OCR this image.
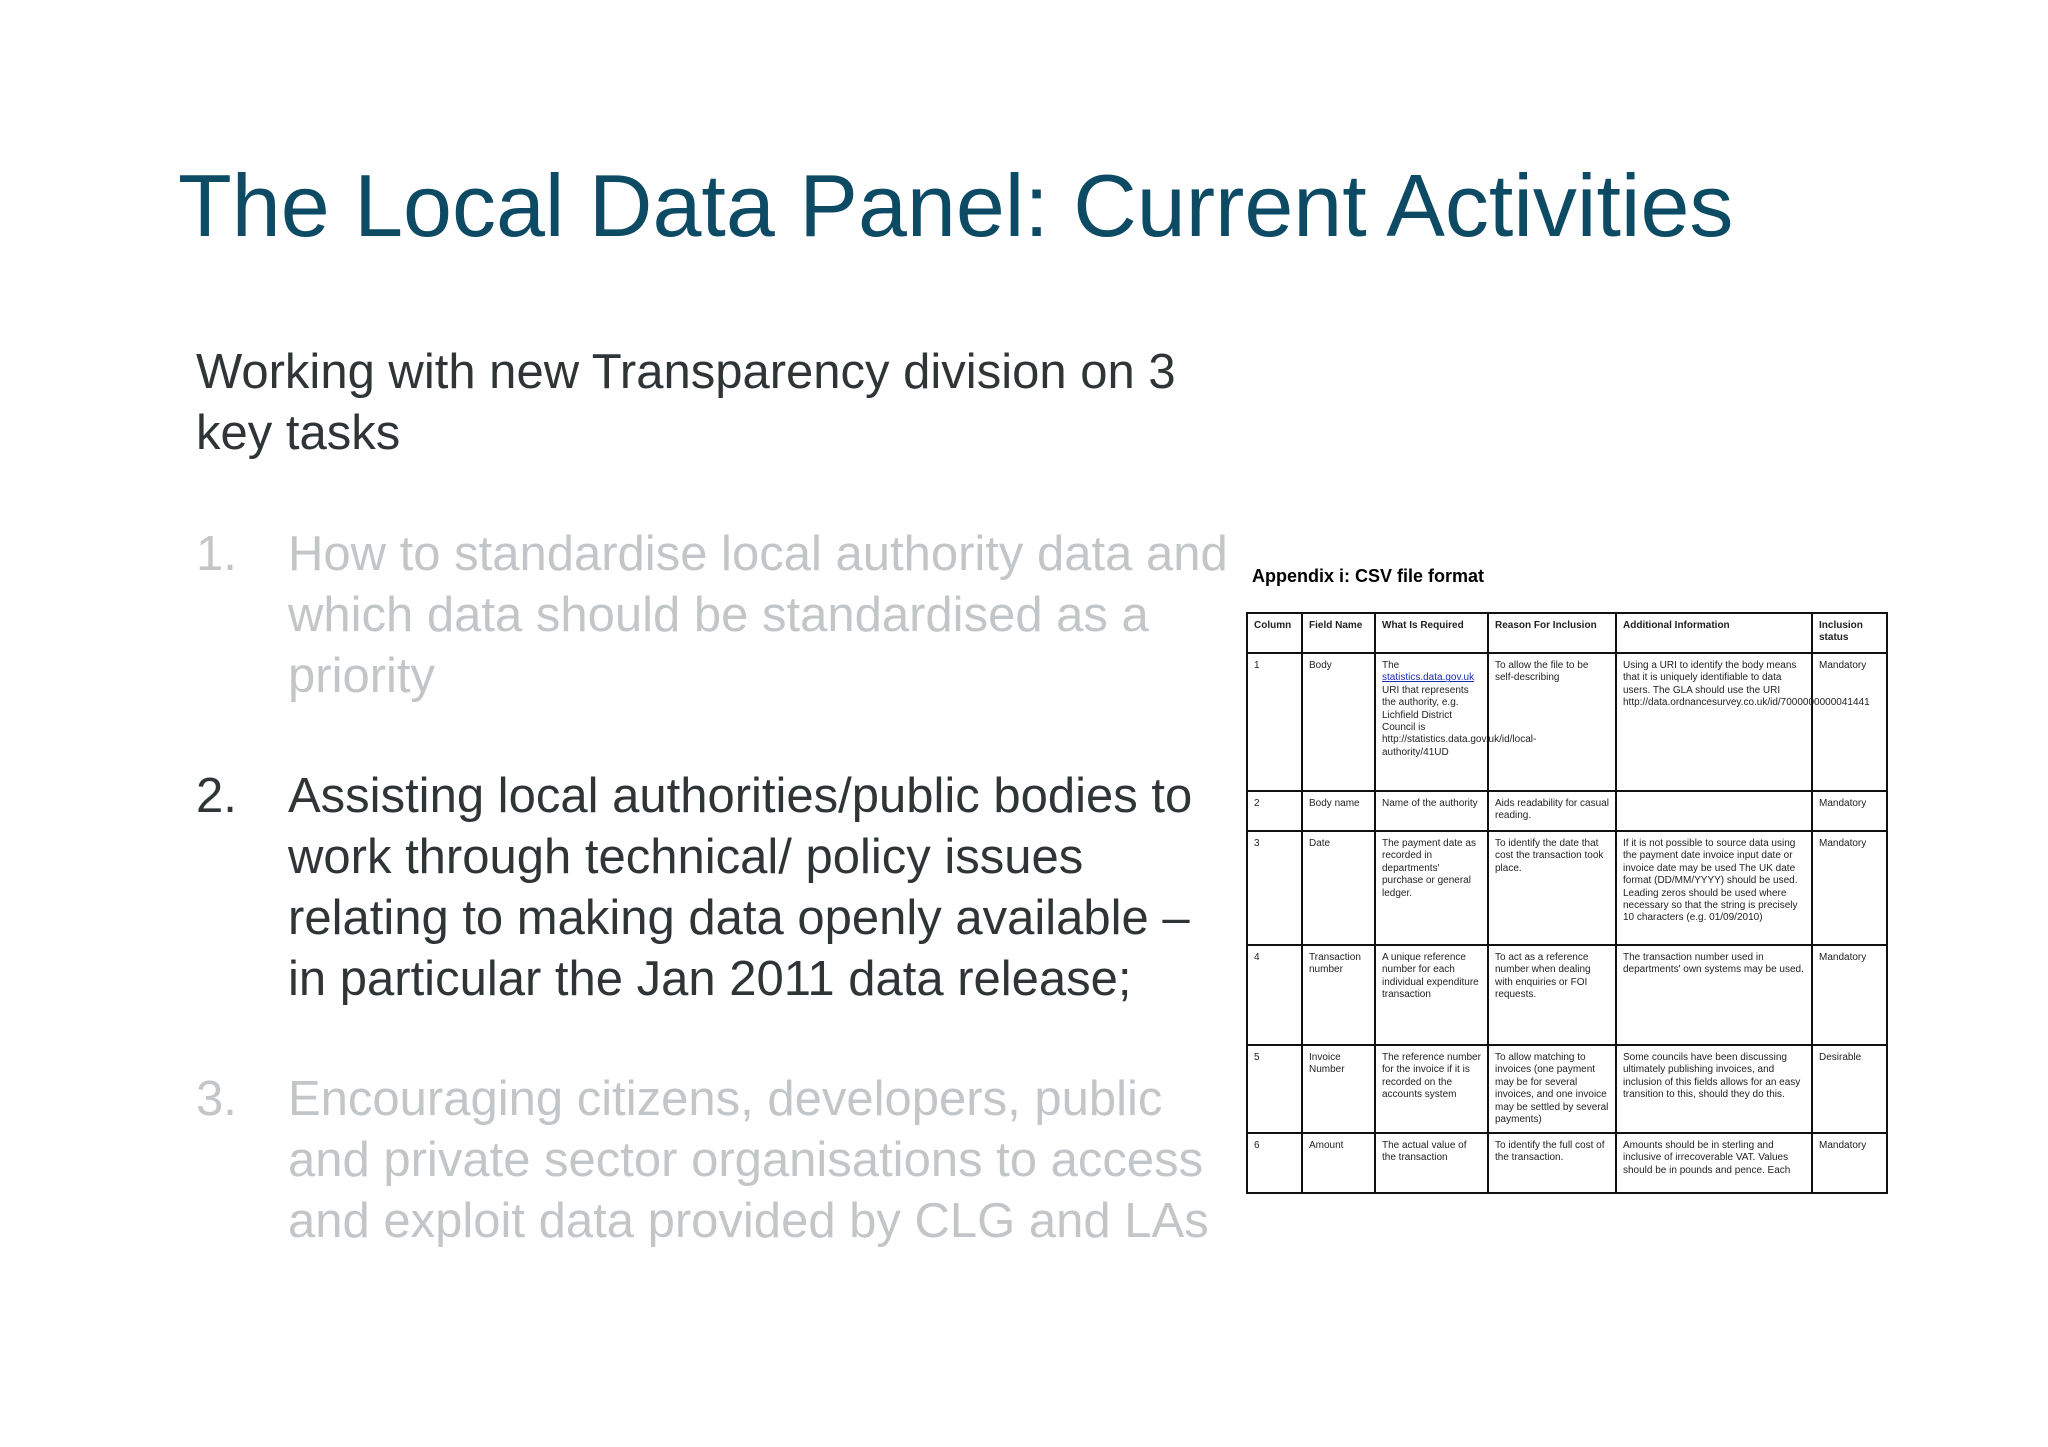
The Local Data Panel: Current Activities

Working with new Transparency division on 3 key tasks

1. How to standardise local authority data and which data should be standardised as a priority
2. Assisting local authorities/public bodies to work through technical/ policy issues relating to making data openly available – in particular the Jan 2011 data release;
3. Encouraging citizens, developers, public and private sector organisations to access and exploit data provided by CLG and LAs
Appendix i: CSV file format
Column	Field Name	What Is Required	Reason For Inclusion	Additional Information	Inclusion status
1	Body	The statistics.data.gov.uk URI that represents the authority, e.g. Lichfield District Council is http://statistics.data.gov.uk/id/local-authority/41UD	To allow the file to be self-describing	Using a URI to identify the body means that it is uniquely identifiable to data users. The GLA should use the URI http://data.ordnancesurvey.co.uk/id/7000000000041441	Mandatory
2	Body name	Name of the authority	Aids readability for casual reading.		Mandatory
3	Date	The payment date as recorded in departments' purchase or general ledger.	To identify the date that cost the transaction took place.	If it is not possible to source data using the payment date invoice input date or invoice date may be used The UK date format (DD/MM/YYYY) should be used. Leading zeros should be used where necessary so that the string is precisely 10 characters (e.g. 01/09/2010)	Mandatory
4	Transaction number	A unique reference number for each individual expenditure transaction	To act as a reference number when dealing with enquiries or FOI requests.	The transaction number used in departments' own systems may be used.	Mandatory
5	Invoice Number	The reference number for the invoice if it is recorded on the accounts system	To allow matching to invoices (one payment may be for several invoices, and one invoice may be settled by several payments)	Some councils have been discussing ultimately publishing invoices, and inclusion of this fields allows for an easy transition to this, should they do this.	Desirable
6	Amount	The actual value of the transaction	To identify the full cost of the transaction.	Amounts should be in sterling and inclusive of irrecoverable VAT. Values should be in pounds and pence. Each	Mandatory
